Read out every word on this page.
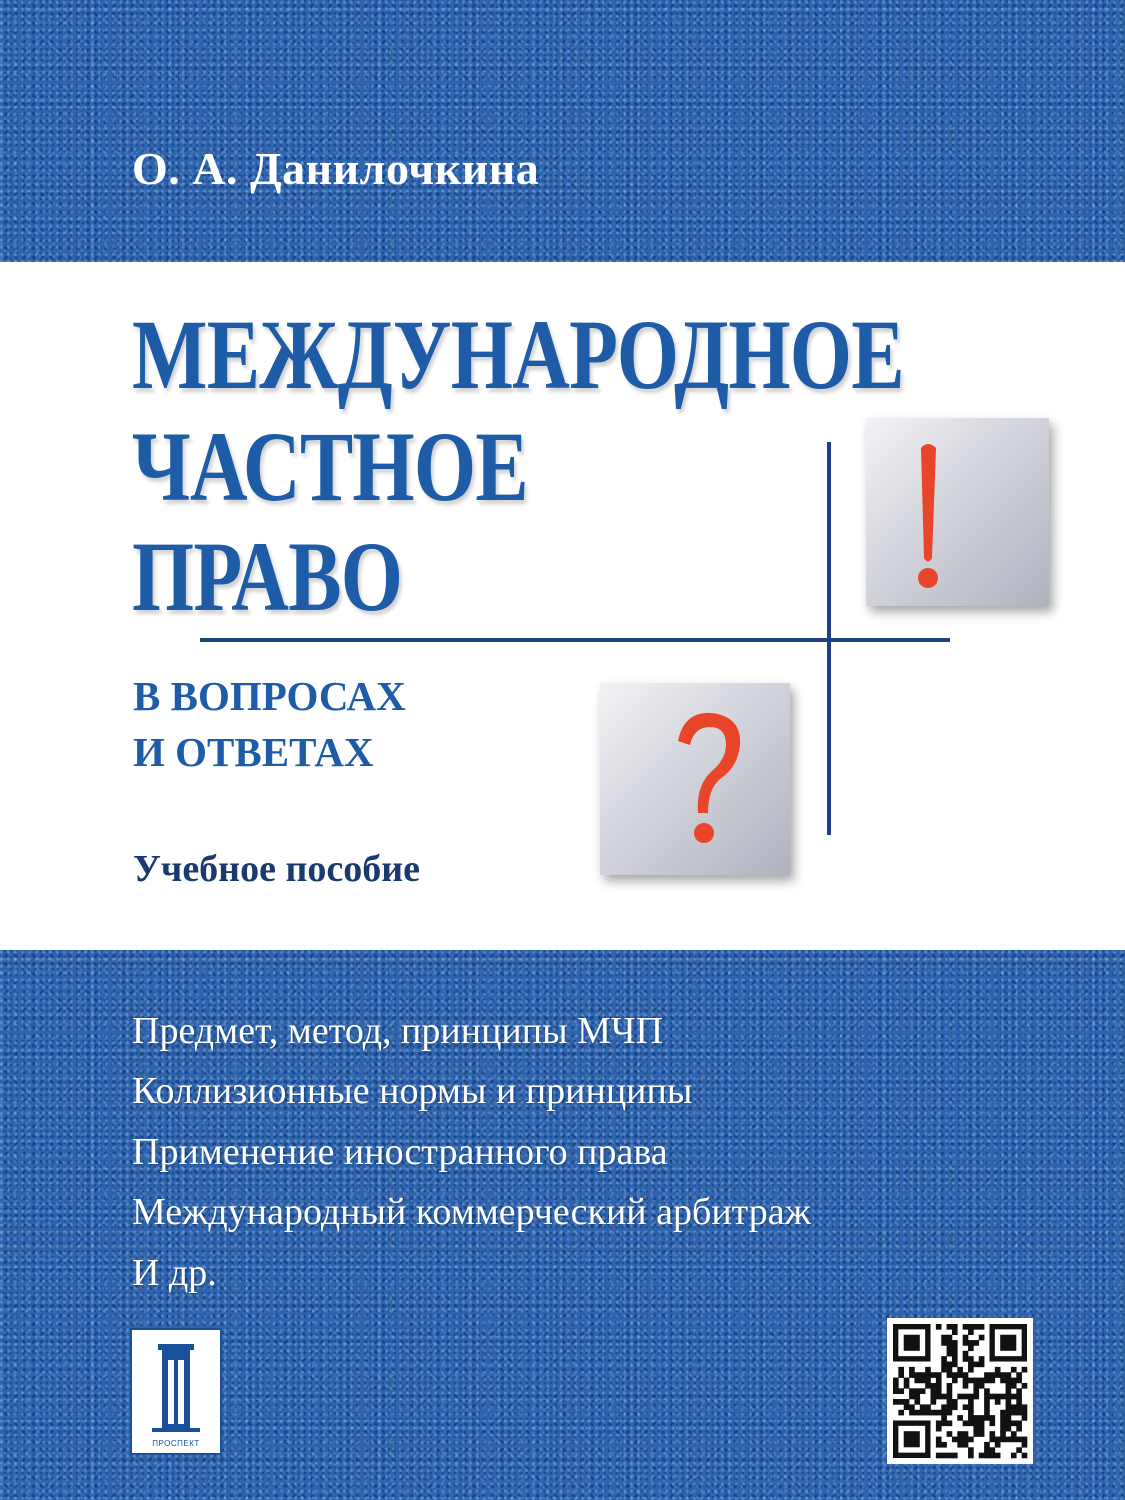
О. А. Данилочкина
МЕЖДУНАРОДНОЕ
ЧАСТНОЕ
ПРАВО
В ВОПРОСАХ
И ОТВЕТАХ
Учебное пособие
Предмет, метод, принципы МЧП
Коллизионные нормы и принципы
Применение иностранного права
Международный коммерческий арбитраж
И др.
ПРОСПЕКТ
